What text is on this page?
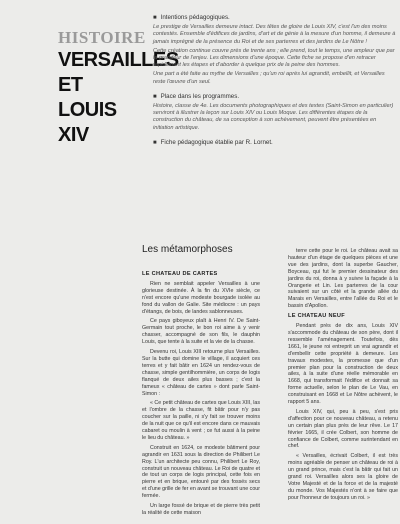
HISTOIRE
VERSAILLES
ET
LOUIS XIV
■ Intentions pédagogiques.

Le prestige de Versailles demeure intact. Des têtes de gloire de Louis XIV, c'est l'un des moins contestés. Ensemble d'édifices de jardins, d'art et de génie à la mesure d'un homme, il demeure à jamais imprégné de la présence du Roi et de ses parterres et des jardins de Le Nôtre !

Cette création continue couvre près de trente ans ; elle prend, tout le temps, une ampleur que par la grandeur de l'enjeu. Les dimensions d'une époque. Cette fiche se propose d'en retracer rapidement les étapes et d'aborder à quelque prix de la peine des hommes.

Une part a été faite au mythe de Versailles ; qu'un roi après lui agrandit, embellit, et Versailles reste l'œuvre d'un seul.

■ Place dans les programmes.

Histoire, classe de 4e. Les documents photographiques et des textes (Saint-Simon en particulier) serviront à illustrer la leçon sur Louis XIV ou Louis Moque. Les différentes étapes de la construction du château, de sa conception à son achèvement, peuvent être présentées en initiation artistique.

■ Fiche pédagogique établie par R. Lornet.
Les métamorphoses
LE CHATEAU DE CARTES

Rien ne semblait appeler Versailles à une glorieuse destinée. À la fin du XVIe siècle, ce n'est encore qu'une modeste bourgade isolée au fond du vallon de Galie. Site médiocre : un pays d'étangs, de bois, de landes sablonneuses.

Ce pays giboyeux plaît à Henri IV. De Saint-Germain tout proche, le bon roi aime à y venir chasser, accompagné de son fils, le dauphin Louis, que tente à la suite et la vie de la chasse.

Devenu roi, Louis XIII retourne plus Versailles. Sur la butte qui domine le village, il acquiert ces terres et y fait bâtir en 1624 un rendez-vous de chasse, simple gentilhommière, un corps de logis flanqué de deux ailes plus basses ; c'est la fameux « château de cartes » dont parle Saint-Simon :

« Ce petit château de cartes que Louis XIII, las et l'ombre de la chasse, fit bâtir pour n'y pas coucher sur la paille, ni s'y fait se trouver moins de la nuit que ce qu'il est encore dans ce mauvais cabaret ou moulin à vent ; ce fut aussi à la peine le lieu du château. »

Construit en 1624, ce modeste bâtiment pour agrandir en 1631 sous la direction de Philibert Le Roy. L'un architecte peu connu, Philibert Le Roy, construit un nouveau château. Le Roi de quatre et de tout un corps de logis principal, cette fois en pierre et en brique, entouré par des fossés secs et d'une grille de fer en avant se trouvant une cour fermée.

Un large fossé de brique et de pierre très petit la réalité de cette maison

terre cette pour le roi. Le château avait sa hauteur d'un étage de quelques pièces et une vue des jardins, dont la superbe Gaucher, Boyceau, qui fut le premier dessinateur des jardins du roi, donna à y suivre la façade à la Orangerie et Lin. Les parterres de la cour suivaient sur un côté et la grande allée du Marais en Versailles, entre l'allée du Roi et le bassin d'Apollon.

LE CHATEAU NEUF

Pendant près de dix ans, Louis XIV s'accommode du château de son père, dont il ressemble l'aménagement. Toutefois, dès 1661, le jeune roi entreprit un vrai agrandir et d'embellir cette propriété à demeure. Les travaux modestes, la promesse que d'un premier plan pour la construction de deux ailes, à la suite d'une réelle mémorable en 1668, qui transformait l'édifice et donnait sa forme actuelle, selon le plan de Le Vau, en construisant en 1668 et Le Nôtre achèvent, le rapport 5 ans.

Louis XIV, qui, peu à peu, s'est pris d'affection pour ce nouveau château, a retenu un certain plan plus près de leur rêve. Le 17 février 1665, il crée Colbert, son homme de confiance de Colbert, comme surintendant en chef.

« Versailles, écrivait Colbert, il est très moins agréable de penser un château de roi à un grand prince, mais c'est la bâtir qui fait un grand roi. Versailles alors ses la gloire de Votre Majesté et de la force et de la majesté du monde. Vos Majestés n'ont à se faire que pour l'honneur de toujours un roi. »
